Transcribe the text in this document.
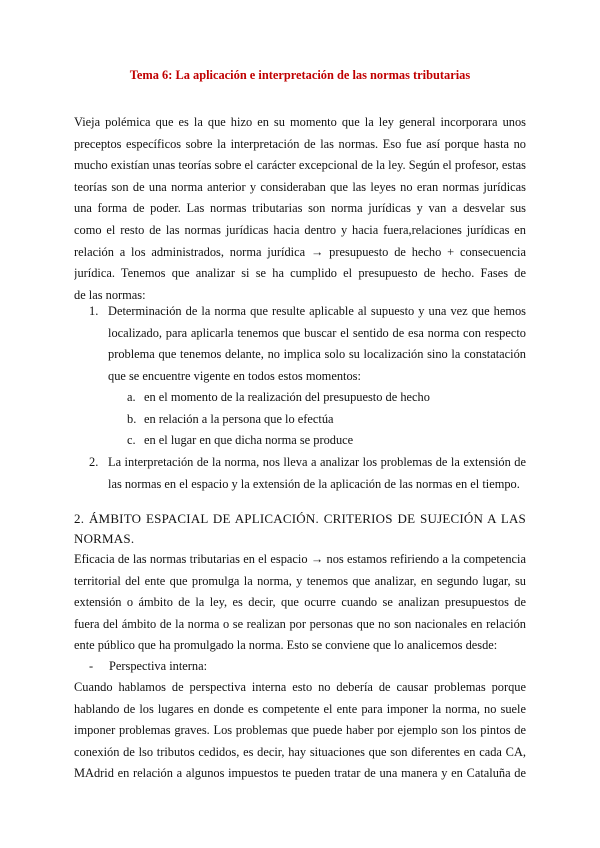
Tema 6: La aplicación e interpretación de las normas tributarias
Vieja polémica que es la que hizo en su momento que la ley general incorporara unos
preceptos específicos sobre la interpretación de las normas. Eso fue así porque hasta no
mucho existían unas teorías sobre el carácter excepcional de la ley. Según el profesor, estas
teorías son de una norma anterior y consideraban que las leyes no eran normas jurídicas
una forma de poder. Las normas tributarias son norma jurídicas y van a desvelar sus
como el resto de las normas jurídicas hacia dentro y hacia fuera,relaciones jurídicas en
relación a los administrados, norma jurídica → presupuesto de hecho + consecuencia
jurídica. Tenemos que analizar si se ha cumplido el presupuesto de hecho. Fases de
de las normas:
1. Determinación de la norma que resulte aplicable al supuesto y una vez que hemos
localizado, para aplicarla tenemos que buscar el sentido de esa norma con respecto
problema que tenemos delante, no implica solo su localización sino la constatación
que se encuentre vigente en todos estos momentos:
a. en el momento de la realización del presupuesto de hecho
b. en relación a la persona que lo efectúa
c. en el lugar en que dicha norma se produce
2. La interpretación de la norma, nos lleva a analizar los problemas de la extensión de
las normas en el espacio y la extensión de la aplicación de las normas en el tiempo.
2. ÁMBITO ESPACIAL DE APLICACIÓN. CRITERIOS DE SUJECIÓN A LAS
NORMAS.
Eficacia de las normas tributarias en el espacio → nos estamos refiriendo a la competencia
territorial del ente que promulga la norma, y tenemos que analizar, en segundo lugar, su
extensión o ámbito de la ley, es decir, que ocurre cuando se analizan presupuestos de
fuera del ámbito de la norma o se realizan por personas que no son nacionales en relación
ente público que ha promulgado la norma. Esto se conviene que lo analicemos desde:
- Perspectiva interna:
Cuando hablamos de perspectiva interna esto no debería de causar problemas porque
hablando de los lugares en donde es competente el ente para imponer la norma, no suele
imponer problemas graves. Los problemas que puede haber por ejemplo son los pintos de
conexión de lso tributos cedidos, es decir, hay situaciones que son diferentes en cada CA,
MAdrid en relación a algunos impuestos te pueden tratar de una manera y en Cataluña de
